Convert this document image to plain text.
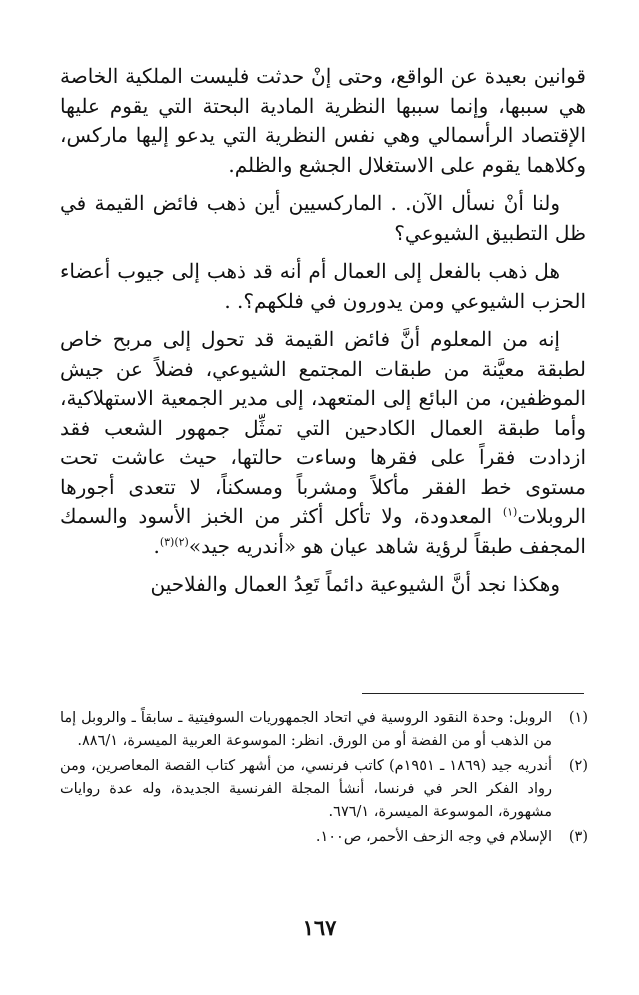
قوانين بعيدة عن الواقع، وحتى إنْ حدثت فليست الملكية الخاصة هي سببها، وإنما سببها النظرية المادية البحتة التي يقوم عليها الإقتصاد الرأسمالي وهي نفس النظرية التي يدعو إليها ماركس، وكلاهما يقوم على الاستغلال الجشع والظلم.

ولنا أنْ نسأل الآن. . الماركسيين أين ذهب فائض القيمة في ظل التطبيق الشيوعي؟

هل ذهب بالفعل إلى العمال أم أنه قد ذهب إلى جيوب أعضاء الحزب الشيوعي ومن يدورون في فلكهم؟. .

إنه من المعلوم أنَّ فائض القيمة قد تحول إلى مربح خاص لطبقة معيَّنة من طبقات المجتمع الشيوعي، فضلاً عن جيش الموظفين، من البائع إلى المتعهد، إلى مدير الجمعية الاستهلاكية، وأما طبقة العمال الكادحين التي تمثِّل جمهور الشعب فقد ازدادت فقراً على فقرها وساءت حالتها، حيث عاشت تحت مستوى خط الفقر مأكلاً ومشرباً ومسكناً، لا تتعدى أجورها الروبلات$^{(١)}$ المعدودة، ولا تأكل أكثر من الخبز الأسود والسمك المجفف طبقاً لرؤية شاهد عيان هو «أندريه جيد»$^{(٢)(٣)}$.

وهكذا نجد أنَّ الشيوعية دائماً تَعِدُ العمال والفلاحين

(١)
الروبل: وحدة النقود الروسية في اتحاد الجمهوريات السوفيتية ـ سابقاً ـ والروبل إما من الذهب أو من الفضة أو من الورق. انظر: الموسوعة العربية الميسرة، ٨٨٦/١.
(٢)
أندريه جيد (١٨٦٩ ـ ١٩٥١م) كاتب فرنسي، من أشهر كتاب القصة المعاصرين، ومن رواد الفكر الحر في فرنسا، أنشأ المجلة الفرنسية الجديدة، وله عدة روايات مشهورة، الموسوعة الميسرة، ٦٧٦/١.
(٣)
الإسلام في وجه الزحف الأحمر، ص١٠٠.
١٦٧
